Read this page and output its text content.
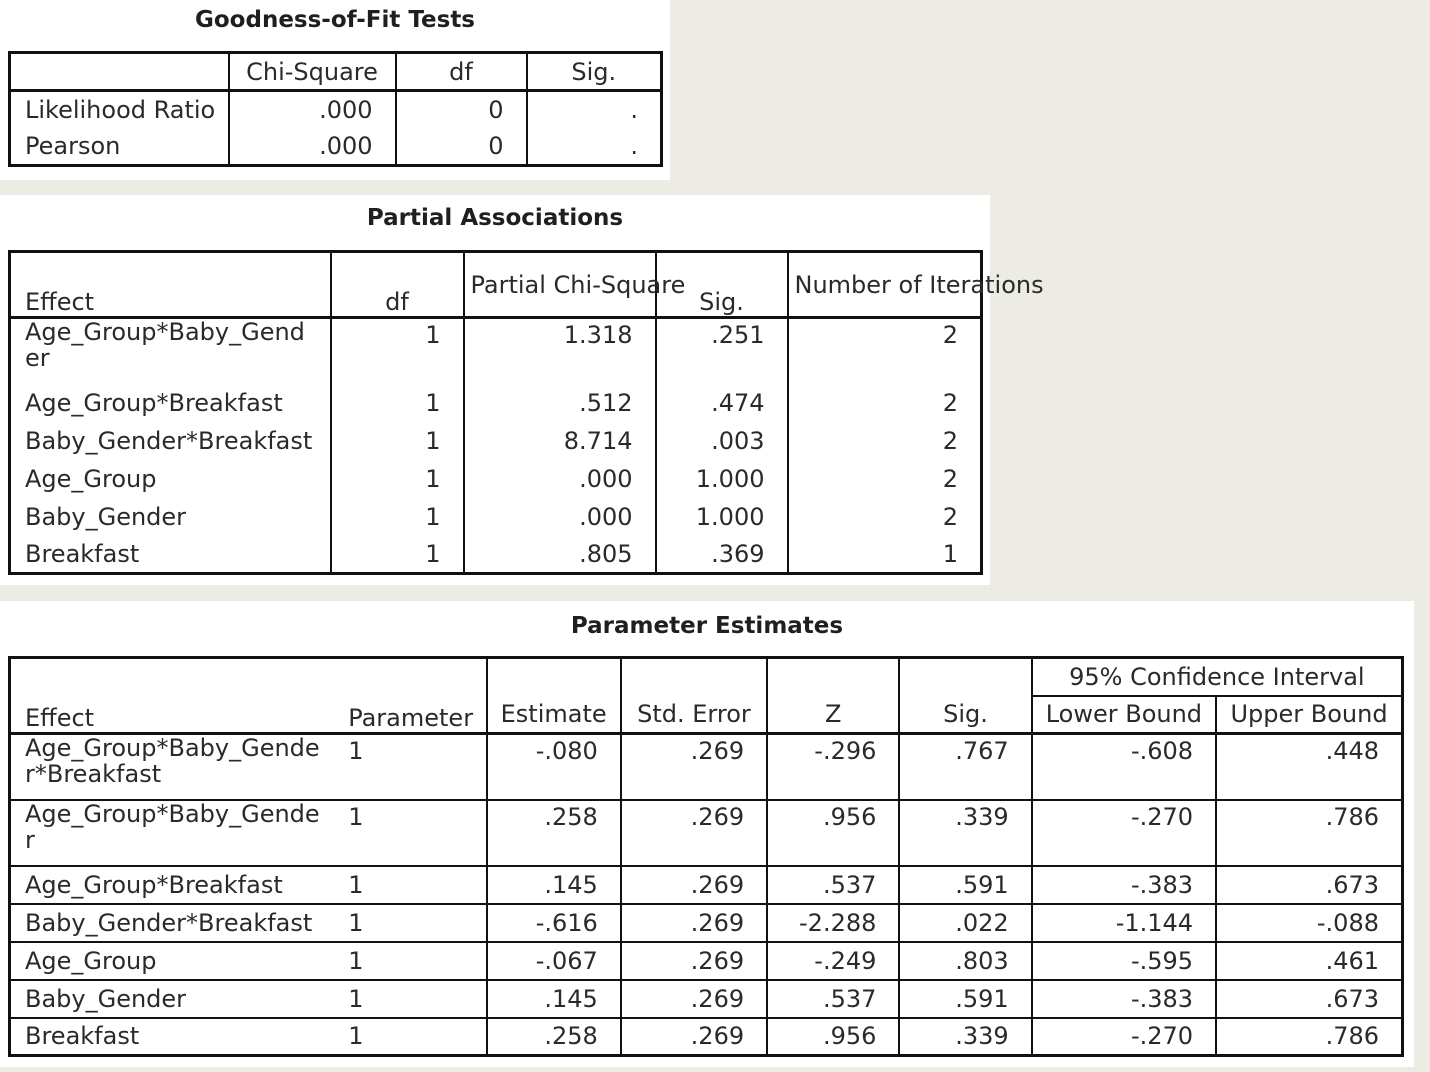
Goodness-of-Fit Tests
	Chi-Square	df	Sig.
Likelihood Ratio	.000	0	.
Pearson	.000	0	.
Partial Associations
Effect	df	Partial Chi-Square	Sig.	Number of Iterations
Age_Group*Baby_Gender	1	1.318	.251	2
Age_Group*Breakfast	1	.512	.474	2
Baby_Gender*Breakfast	1	8.714	.003	2
Age_Group	1	.000	1.000	2
Baby_Gender	1	.000	1.000	2
Breakfast	1	.805	.369	1
Parameter Estimates
Effect	Parameter	Estimate	Std. Error	Z	Sig.	95% Confidence Interval	
						Lower Bound	Upper Bound
Age_Group*Baby_Gender*Breakfast	1	-.080	.269	-.296	.767	-.608	.448
Age_Group*Baby_Gender	1	.258	.269	.956	.339	-.270	.786
Age_Group*Breakfast	1	.145	.269	.537	.591	-.383	.673
Baby_Gender*Breakfast	1	-.616	.269	-2.288	.022	-1.144	-.088
Age_Group	1	-.067	.269	-.249	.803	-.595	.461
Baby_Gender	1	.145	.269	.537	.591	-.383	.673
Breakfast	1	.258	.269	.956	.339	-.270	.786
